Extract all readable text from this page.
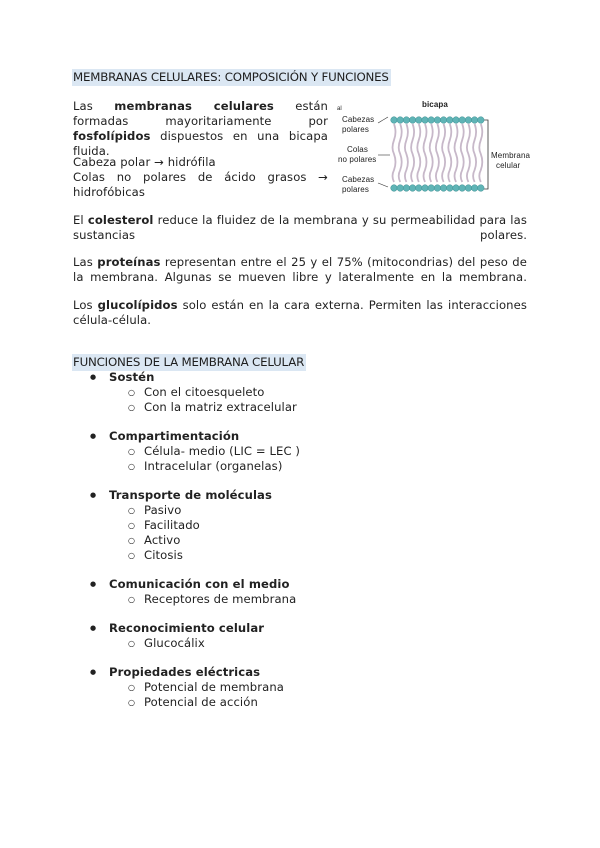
MEMBRANAS CELULARES: COMPOSICIÓN Y FUNCIONES

Las membranas celulares están formadas mayoritariamente por fosfolípidos dispuestos en una bicapa fluida.

Cabeza polar → hidrófila

Colas no polares de ácido grasos → hidrofóbicas

El colesterol reduce la fluidez de la membrana y su permeabilidad para las sustancias polares.

Las proteínas representan entre el 25 y el 75% (mitocondrias) del peso de la membrana. Algunas se mueven libre y lateralmente en la membrana.

Los glucolípidos solo están en la cara externa. Permiten las interacciones célula-célula.

al	bicapa
Cabezas
polares
Colas
no polares
Cabezas
polares
Membrana
celular
FUNCIONES DE LA MEMBRANA CELULAR
● Sostén
○ Con el citoesqueleto
○ Con la matriz extracelular
● Compartimentación
○ Célula- medio (LIC = LEC )
○ Intracelular (organelas)
● Transporte de moléculas
○ Pasivo
○ Facilitado
○ Activo
○ Citosis
● Comunicación con el medio
○ Receptores de membrana
● Reconocimiento celular
○ Glucocálix
● Propiedades eléctricas
○ Potencial de membrana
○ Potencial de acción
